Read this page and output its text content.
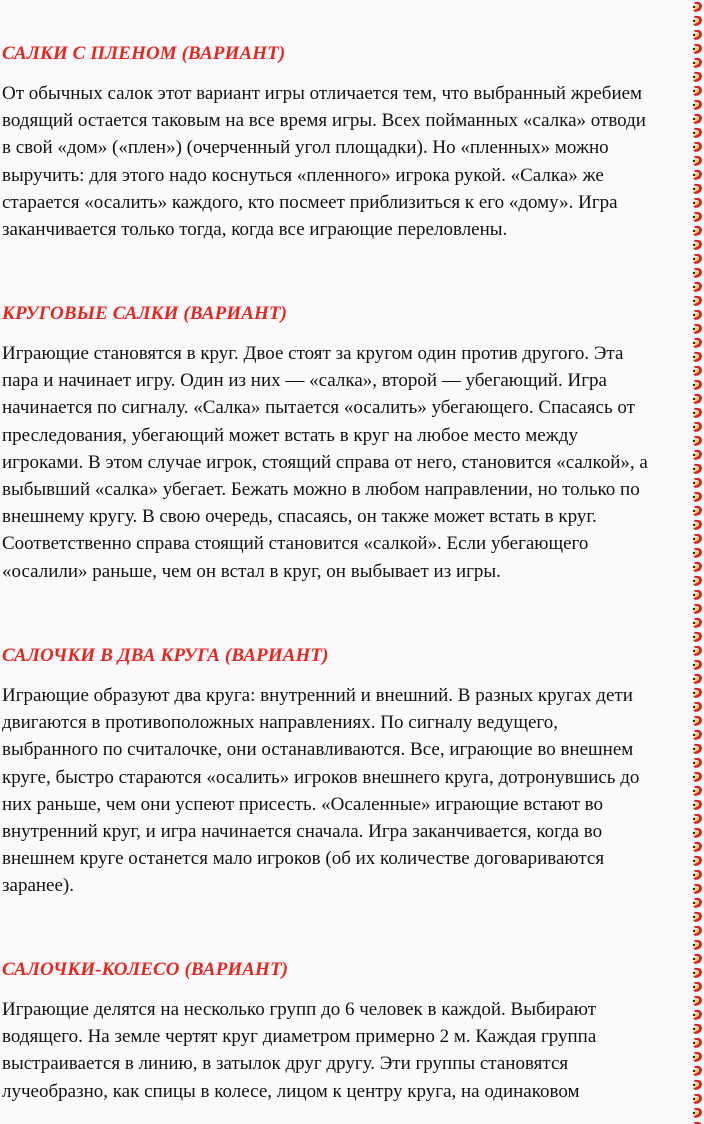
САЛКИ С ПЛЕНОМ (ВАРИАНТ)

От обычных салок этот вариант игры отличается тем, что выбранный жребием
водящий остается таковым на все время игры. Всех пойманных «салка» отводи
в свой «дом» («плен») (очерченный угол площадки). Но «пленных» можно
выручить: для этого надо коснуться «пленного» игрока рукой. «Салка» же
старается «осалить» каждого, кто посмеет приблизиться к его «дому». Игра
заканчивается только тогда, когда все играющие переловлены.

КРУГОВЫЕ САЛКИ (ВАРИАНТ)

Играющие становятся в круг. Двое стоят за кругом один против другого. Эта
пара и начинает игру. Один из них — «салка», второй — убегающий. Игра
начинается по сигналу. «Салка» пытается «осалить» убегающего. Спасаясь от
преследования, убегающий может встать в круг на любое место между
игроками. В этом случае игрок, стоящий справа от него, становится «салкой», а
выбывший «салка» убегает. Бежать можно в любом направлении, но только по
внешнему кругу. В свою очередь, спасаясь, он также может встать в круг.
Соответственно справа стоящий становится «салкой». Если убегающего
«осалили» раньше, чем он встал в круг, он выбывает из игры.

САЛОЧКИ В ДВА КРУГА (ВАРИАНТ)

Играющие образуют два круга: внутренний и внешний. В разных кругах дети
двигаются в противоположных направлениях. По сигналу ведущего,
выбранного по считалочке, они останавливаются. Все, играющие во внешнем
круге, быстро стараются «осалить» игроков внешнего круга, дотронувшись до
них раньше, чем они успеют присесть. «Осаленные» играющие встают во
внутренний круг, и игра начинается сначала. Игра заканчивается, когда во
внешнем круге останется мало игроков (об их количестве договариваются
заранее).

САЛОЧКИ-КОЛЕСО (ВАРИАНТ)

Играющие делятся на несколько групп до 6 человек в каждой. Выбирают
водящего. На земле чертят круг диаметром примерно 2 м. Каждая группа
выстраивается в линию, в затылок друг другу. Эти группы становятся
лучеобразно, как спицы в колесе, лицом к центру круга, на одинаковом
